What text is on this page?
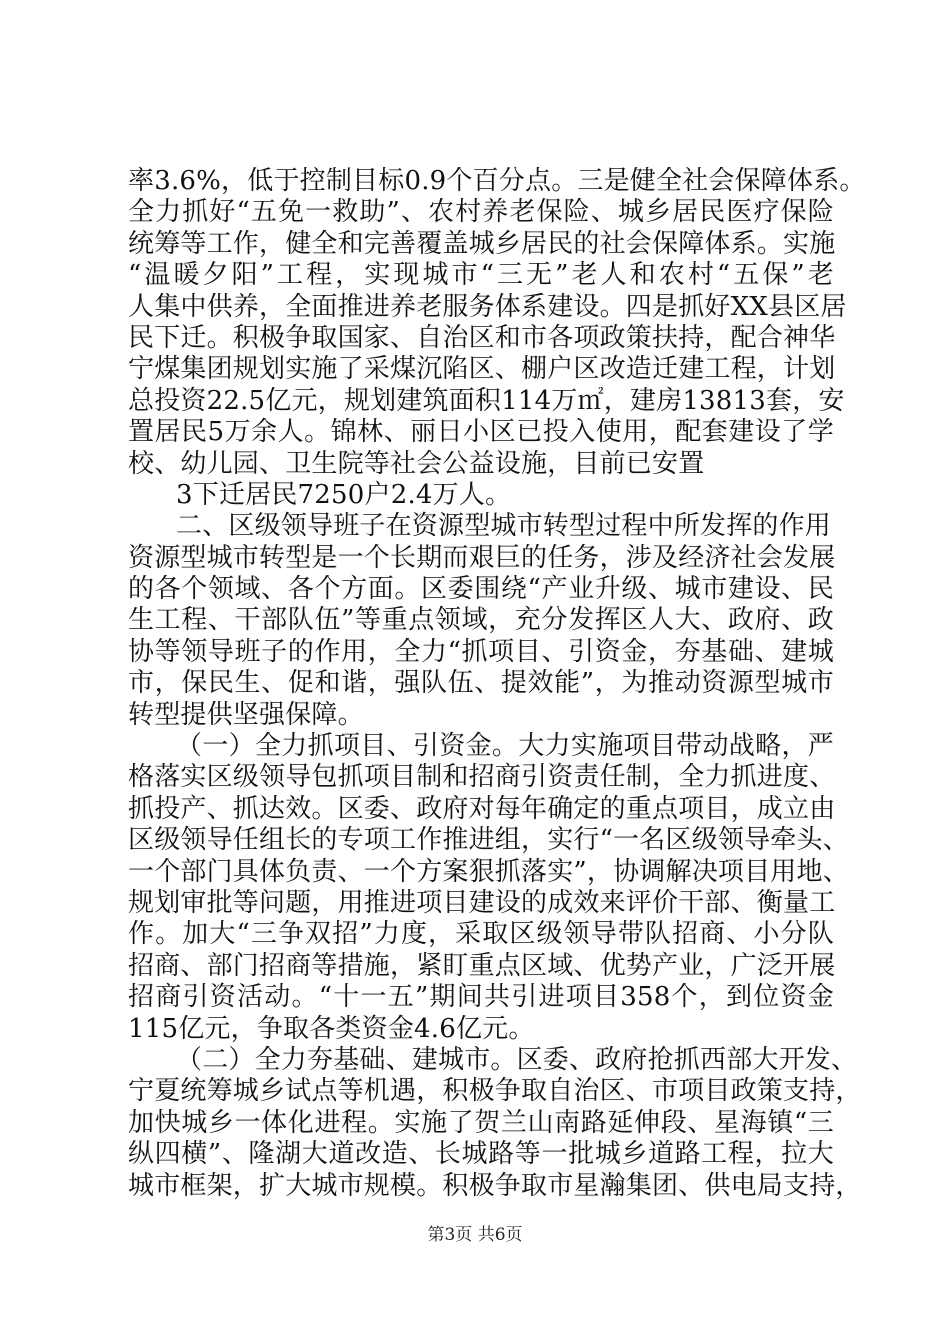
率3.6%，低于控制目标0.9个百分点。三是健全社会保障体系。
全力抓好“五免一救助”、农村养老保险、城乡居民医疗保险
统筹等工作，健全和完善覆盖城乡居民的社会保障体系。实施
“温暖夕阳”工程，实现城市“三无”老人和农村“五保”老
人集中供养，全面推进养老服务体系建设。四是抓好XX县区居
民下迁。积极争取国家、自治区和市各项政策扶持，配合神华
宁煤集团规划实施了采煤沉陷区、棚户区改造迁建工程，计划
总投资22.5亿元，规划建筑面积114万㎡，建房13813套，安
置居民5万余人。锦林、丽日小区已投入使用，配套建设了学
校、幼儿园、卫生院等社会公益设施，目前已安置
3下迁居民7250户2.4万人。
二、区级领导班子在资源型城市转型过程中所发挥的作用
资源型城市转型是一个长期而艰巨的任务，涉及经济社会发展
的各个领域、各个方面。区委围绕“产业升级、城市建设、民
生工程、干部队伍”等重点领域，充分发挥区人大、政府、政
协等领导班子的作用，全力“抓项目、引资金，夯基础、建城
市，保民生、促和谐，强队伍、提效能”，为推动资源型城市
转型提供坚强保障。
（一）全力抓项目、引资金。大力实施项目带动战略，严
格落实区级领导包抓项目制和招商引资责任制，全力抓进度、
抓投产、抓达效。区委、政府对每年确定的重点项目，成立由
区级领导任组长的专项工作推进组，实行“一名区级领导牵头、
一个部门具体负责、一个方案狠抓落实”，协调解决项目用地、
规划审批等问题，用推进项目建设的成效来评价干部、衡量工
作。加大“三争双招”力度，采取区级领导带队招商、小分队
招商、部门招商等措施，紧盯重点区域、优势产业，广泛开展
招商引资活动。“十一五”期间共引进项目358个，到位资金
115亿元，争取各类资金4.6亿元。
（二）全力夯基础、建城市。区委、政府抢抓西部大开发、
宁夏统筹城乡试点等机遇，积极争取自治区、市项目政策支持，
加快城乡一体化进程。实施了贺兰山南路延伸段、星海镇“三
纵四横”、隆湖大道改造、长城路等一批城乡道路工程，拉大
城市框架，扩大城市规模。积极争取市星瀚集团、供电局支持，
第3页 共6页
